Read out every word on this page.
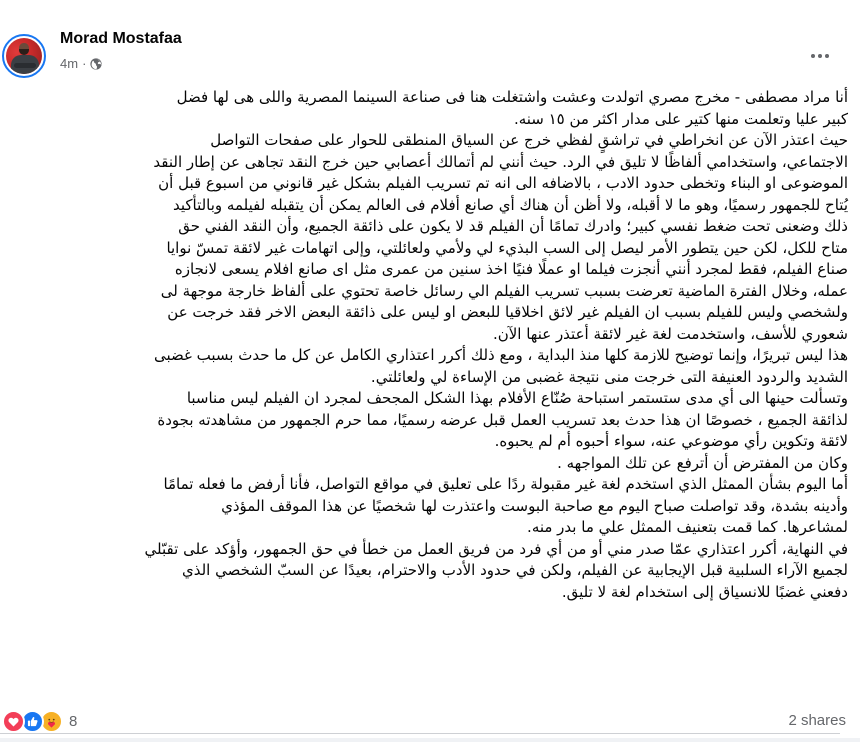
Morad Mostafaa
4m ·
أنا مراد مصطفى - مخرج مصري اتولدت وعشت واشتغلت هنا فى صناعة السينما المصرية واللى هى لها فضل
كبير عليا وتعلمت منها كتير على مدار اكثر من ١٥ سنه.
حيث اعتذر الآن عن انخراطي في تراشقٍ لفظي خرج عن السياق المنطقى للحوار على صفحات التواصل
الاجتماعي، واستخدامي ألفاظًا لا تليق في الرد. حيث أنني لم أتمالك أعصابي حين خرج النقد تجاهى عن إطار النقد
الموضوعى او البناء وتخطى حدود الادب ، بالاضافه الى انه تم تسريب الفيلم بشكل غير قانوني من اسبوع قبل أن
يُتاح للجمهور رسميًا، وهو ما لا أقبله، ولا أظن أن هناك أي صانع أفلام فى العالم يمكن أن يتقبله لفيلمه وبالتأكيد
ذلك وضعنى تحت ضغط نفسي كبير؛ وادرك تمامًا أن الفيلم قد لا يكون على ذائقة الجميع، وأن النقد الفني حق
متاح للكل، لكن حين يتطور الأمر ليصل إلى السب البذيء لي ولأمي ولعائلتي، وإلى اتهامات غير لائقة تمسّ نوايا
صناع الفيلم، فقط لمجرد أنني أنجزت فيلما او عملًا فنيًا اخذ سنين من عمرى مثل اى صانع افلام يسعى لانجازه
عمله، وخلال الفترة الماضية تعرضت بسبب تسريب الفيلم الي رسائل خاصة تحتوي على ألفاظ خارجة موجهة لى
ولشخصي وليس للفيلم بسبب ان الفيلم غير لائق اخلاقيا للبعض او ليس على ذائقة البعض الاخر فقد خرجت عن
شعوري للأسف، واستخدمت لغة غير لائقة أعتذر عنها الآن.
هذا ليس تبريرًا، وإنما توضيح للازمة كلها منذ البداية ، ومع ذلك أكرر اعتذاري الكامل عن كل ما حدث بسبب غضبى
الشديد والردود العنيفة التى خرجت منى نتيجة غضبى من الإساءة لي ولعائلتي.
وتسألت حينها الى أي مدى ستستمر استباحة صُنّاع الأفلام بهذا الشكل المجحف لمجرد ان الفيلم ليس مناسبا
لذائقة الجميع ، خصوصًا ان هذا حدث بعد تسريب العمل قبل عرضه رسميًا، مما حرم الجمهور من مشاهدته بجودة
لائقة وتكوين رأي موضوعي عنه، سواء أحبوه أم لم يحبوه.
وكان من المفترض أن أترفع عن تلك المواجهه .
أما اليوم بشأن الممثل الذي استخدم لغة غير مقبولة ردًا على تعليق في مواقع التواصل، فأنا أرفض ما فعله تمامًا
وأدينه بشدة، وقد تواصلت صباح اليوم مع صاحبة البوست واعتذرت لها شخصيًا عن هذا الموقف المؤذي
لمشاعرها. كما قمت بتعنيف الممثل علي ما بدر منه.
في النهاية، أكرر اعتذاري عمّا صدر مني أو من أي فرد من فريق العمل من خطأ في حق الجمهور، وأؤكد على تقبّلي
لجميع الآراء السلبية قبل الإيجابية عن الفيلم، ولكن في حدود الأدب والاحترام، بعيدًا عن السبّ الشخصي الذي
دفعني غضبًا للانسياق إلى استخدام لغة لا تليق.
8	2 shares
